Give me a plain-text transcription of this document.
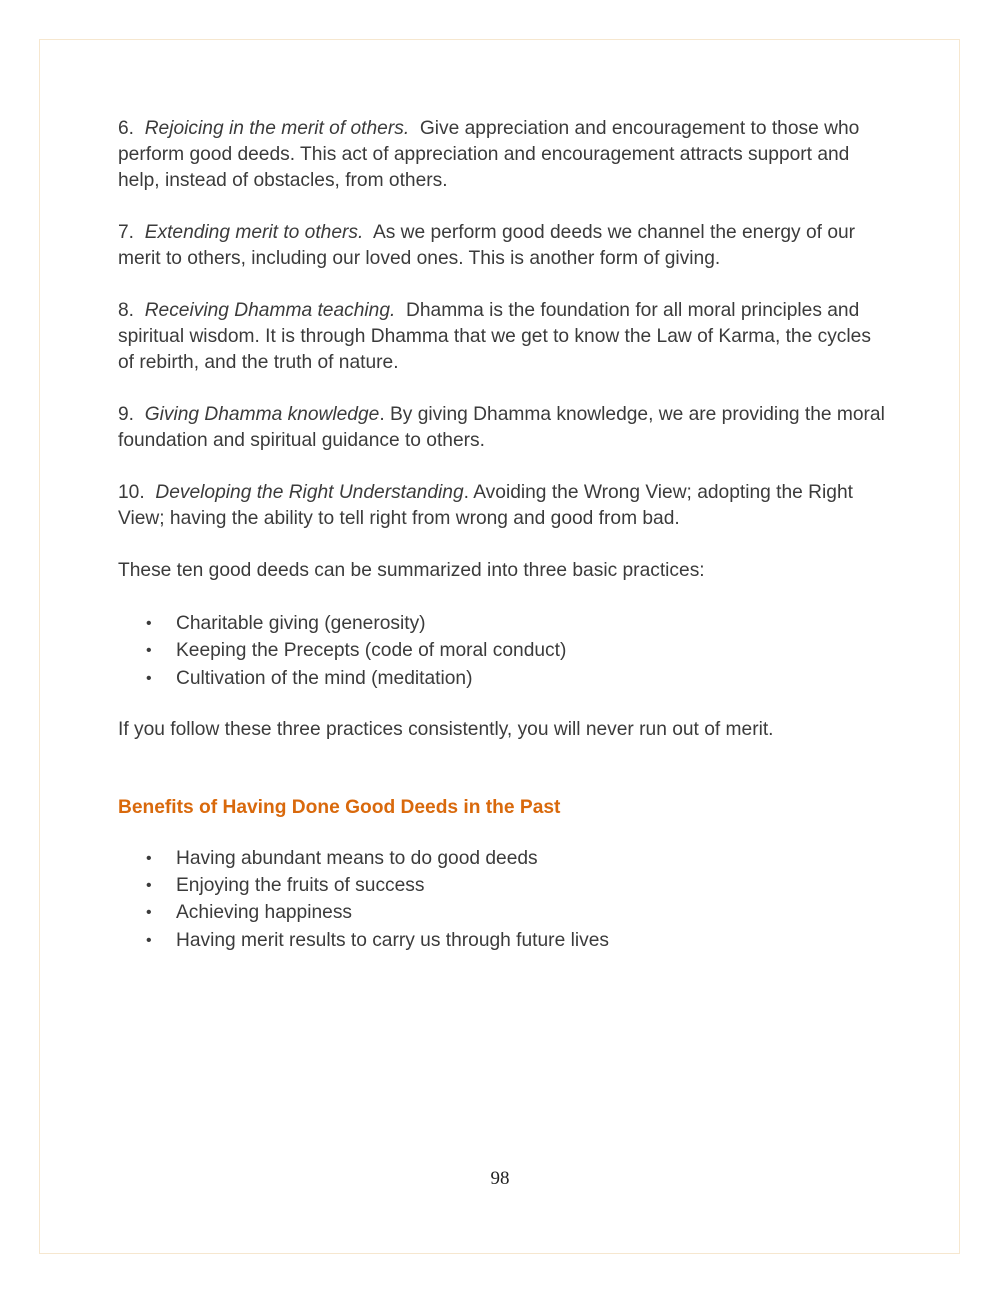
6. Rejoicing in the merit of others. Give appreciation and encouragement to those who perform good deeds. This act of appreciation and encouragement attracts support and help, instead of obstacles, from others.

7. Extending merit to others. As we perform good deeds we channel the energy of our merit to others, including our loved ones. This is another form of giving.

8. Receiving Dhamma teaching. Dhamma is the foundation for all moral principles and spiritual wisdom. It is through Dhamma that we get to know the Law of Karma, the cycles of rebirth, and the truth of nature.

9. Giving Dhamma knowledge. By giving Dhamma knowledge, we are providing the moral foundation and spiritual guidance to others.

10. Developing the Right Understanding. Avoiding the Wrong View; adopting the Right View; having the ability to tell right from wrong and good from bad.

These ten good deeds can be summarized into three basic practices:

• Charitable giving (generosity)
• Keeping the Precepts (code of moral conduct)
• Cultivation of the mind (meditation)

If you follow these three practices consistently, you will never run out of merit.

Benefits of Having Done Good Deeds in the Past
• Having abundant means to do good deeds
• Enjoying the fruits of success
• Achieving happiness
• Having merit results to carry us through future lives
98
